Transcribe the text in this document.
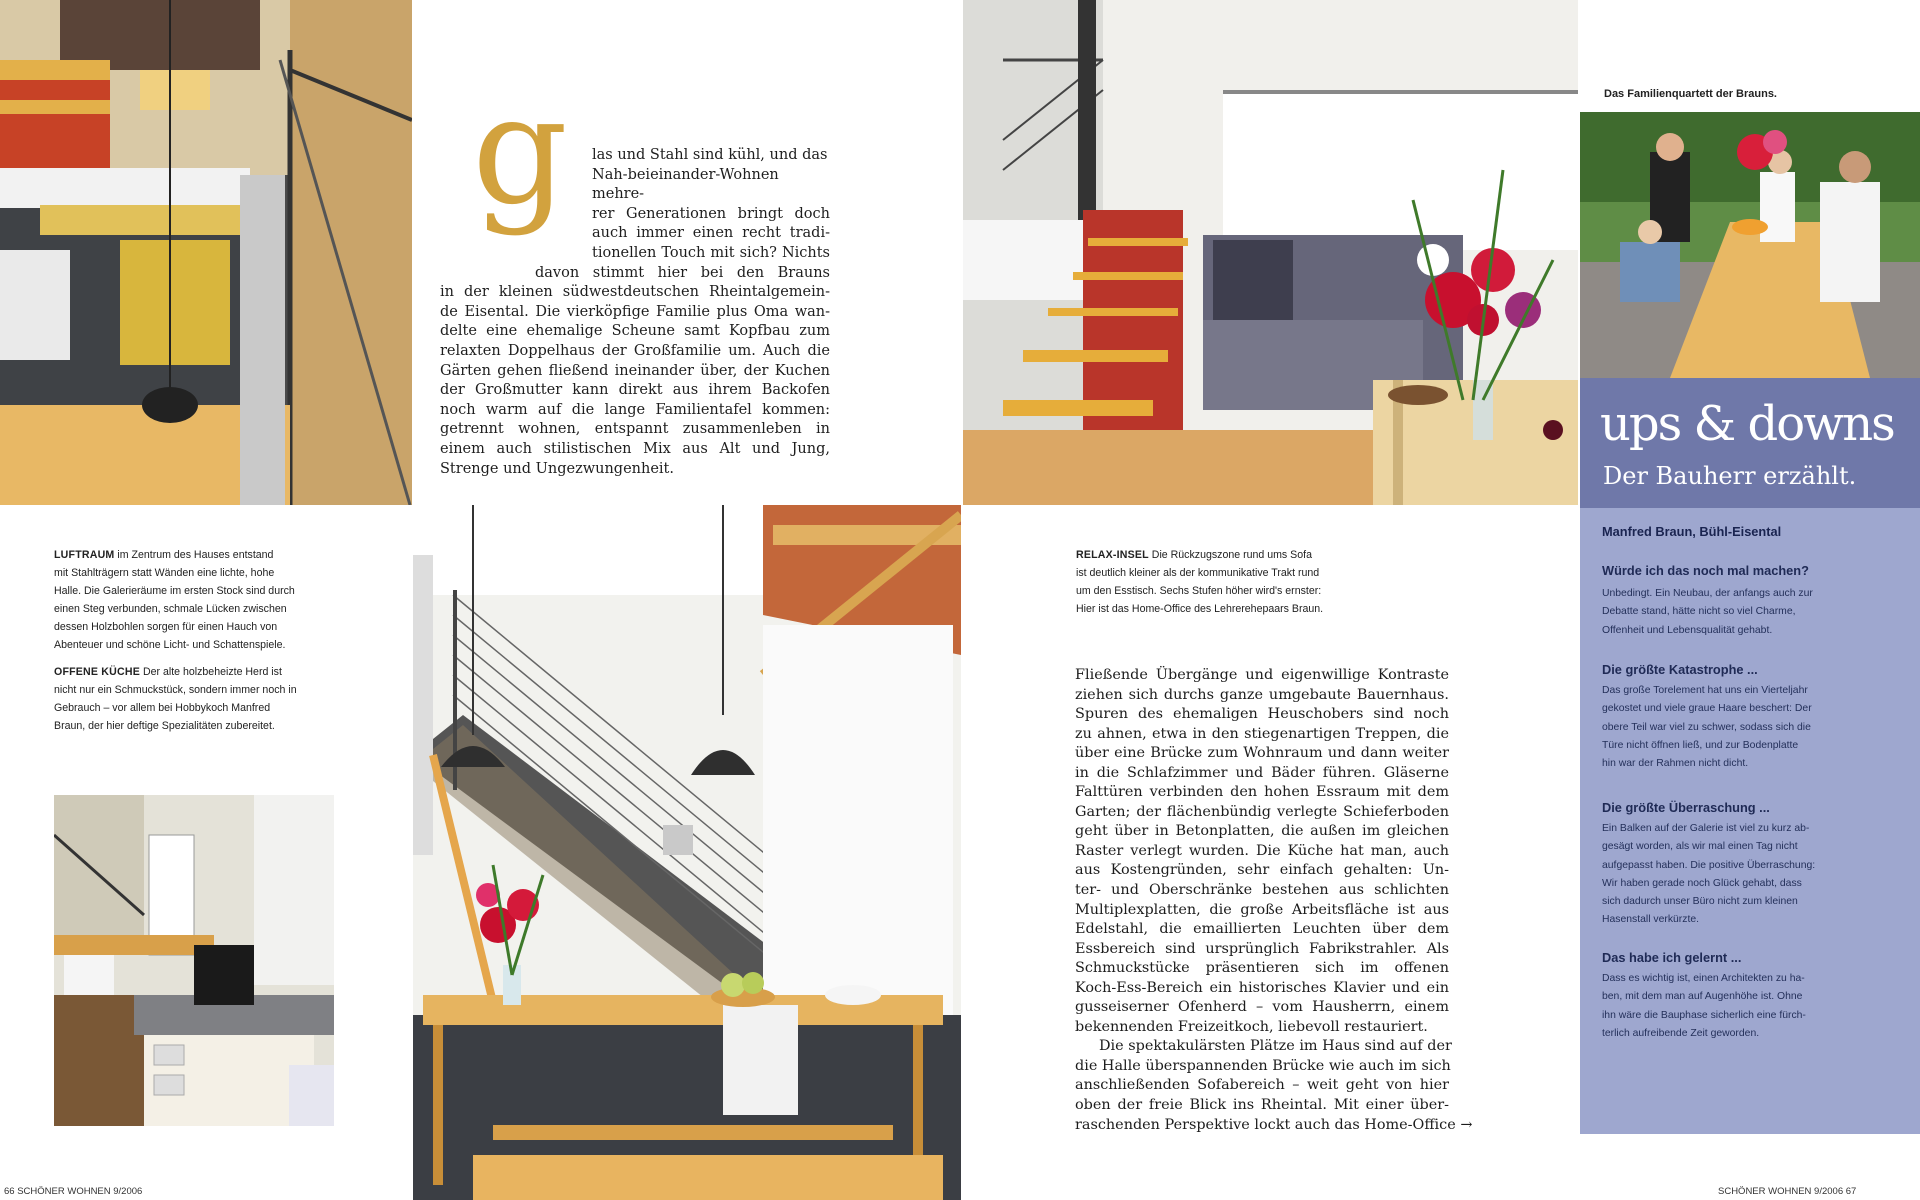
g	las und Stahl sind kühl, und das
Nah-beieinander-Wohnen mehre-
rer Generationen bringt doch
auch immer einen recht tradi-
tionellen Touch mit sich? Nichts
davon stimmt hier bei den Brauns
in der kleinen südwestdeutschen Rheintalgemein-
de Eisental. Die vierköpfige Familie plus Oma wan-
delte eine ehemalige Scheune samt Kopfbau zum
relaxten Doppelhaus der Großfamilie um. Auch die
Gärten gehen fließend ineinander über, der Kuchen
der Großmutter kann direkt aus ihrem Backofen
noch warm auf die lange Familientafel kommen:
getrennt wohnen, entspannt zusammenleben in
einem auch stilistischen Mix aus Alt und Jung,
Strenge und Ungezwungenheit.
LUFTRAUM im Zentrum des Hauses entstand
mit Stahlträgern statt Wänden eine lichte, hohe
Halle. Die Galerieräume im ersten Stock sind durch
einen Steg verbunden, schmale Lücken zwischen
dessen Holzbohlen sorgen für einen Hauch von
Abenteuer und schöne Licht- und Schattenspiele.
OFFENE KÜCHE Der alte holzbeheizte Herd ist
nicht nur ein Schmuckstück, sondern immer noch in
Gebrauch – vor allem bei Hobbykoch Manfred
Braun, der hier deftige Spezialitäten zubereitet.
RELAX-INSEL Die Rückzugszone rund ums Sofa
ist deutlich kleiner als der kommunikative Trakt rund
um den Esstisch. Sechs Stufen höher wird's ernster:
Hier ist das Home-Office des Lehrerehepaars Braun.
Fließende Übergänge und eigenwillige Kontraste
ziehen sich durchs ganze umgebaute Bauernhaus.
Spuren des ehemaligen Heuschobers sind noch
zu ahnen, etwa in den stiegenartigen Treppen, die
über eine Brücke zum Wohnraum und dann weiter
in die Schlafzimmer und Bäder führen. Gläserne
Falttüren verbinden den hohen Essraum mit dem
Garten; der flächenbündig verlegte Schieferboden
geht über in Betonplatten, die außen im gleichen
Raster verlegt wurden. Die Küche hat man, auch
aus Kostengründen, sehr einfach gehalten: Un-
ter- und Oberschränke bestehen aus schlichten
Multiplexplatten, die große Arbeitsfläche ist aus
Edelstahl, die emaillierten Leuchten über dem
Essbereich sind ursprünglich Fabrikstrahler. Als
Schmuckstücke präsentieren sich im offenen
Koch-Ess-Bereich ein historisches Klavier und ein
gusseiserner Ofenherd – vom Hausherrn, einem
bekennenden Freizeitkoch, liebevoll restauriert.
Die spektakulärsten Plätze im Haus sind auf der
die Halle überspannenden Brücke wie auch im sich
anschließenden Sofabereich – weit geht von hier
oben der freie Blick ins Rheintal. Mit einer über-
raschenden Perspektive lockt auch das Home-Office →
Das Familienquartett der Brauns.
ups & downs
Der Bauherr erzählt.
Manfred Braun, Bühl-Eisental
Würde ich das noch mal machen?
Unbedingt. Ein Neubau, der anfangs auch zur
Debatte stand, hätte nicht so viel Charme,
Offenheit und Lebensqualität gehabt.
Die größte Katastrophe ...
Das große Torelement hat uns ein Vierteljahr
gekostet und viele graue Haare beschert: Der
obere Teil war viel zu schwer, sodass sich die
Türe nicht öffnen ließ, und zur Bodenplatte
hin war der Rahmen nicht dicht.
Die größte Überraschung ...
Ein Balken auf der Galerie ist viel zu kurz ab-
gesägt worden, als wir mal einen Tag nicht
aufgepasst haben. Die positive Überraschung:
Wir haben gerade noch Glück gehabt, dass
sich dadurch unser Büro nicht zum kleinen
Hasenstall verkürzte.
Das habe ich gelernt ...
Dass es wichtig ist, einen Architekten zu ha-
ben, mit dem man auf Augenhöhe ist. Ohne
ihn wäre die Bauphase sicherlich eine fürch-
terlich aufreibende Zeit geworden.
66 SCHÖNER WOHNEN 9/2006	SCHÖNER WOHNEN 9/2006 67
